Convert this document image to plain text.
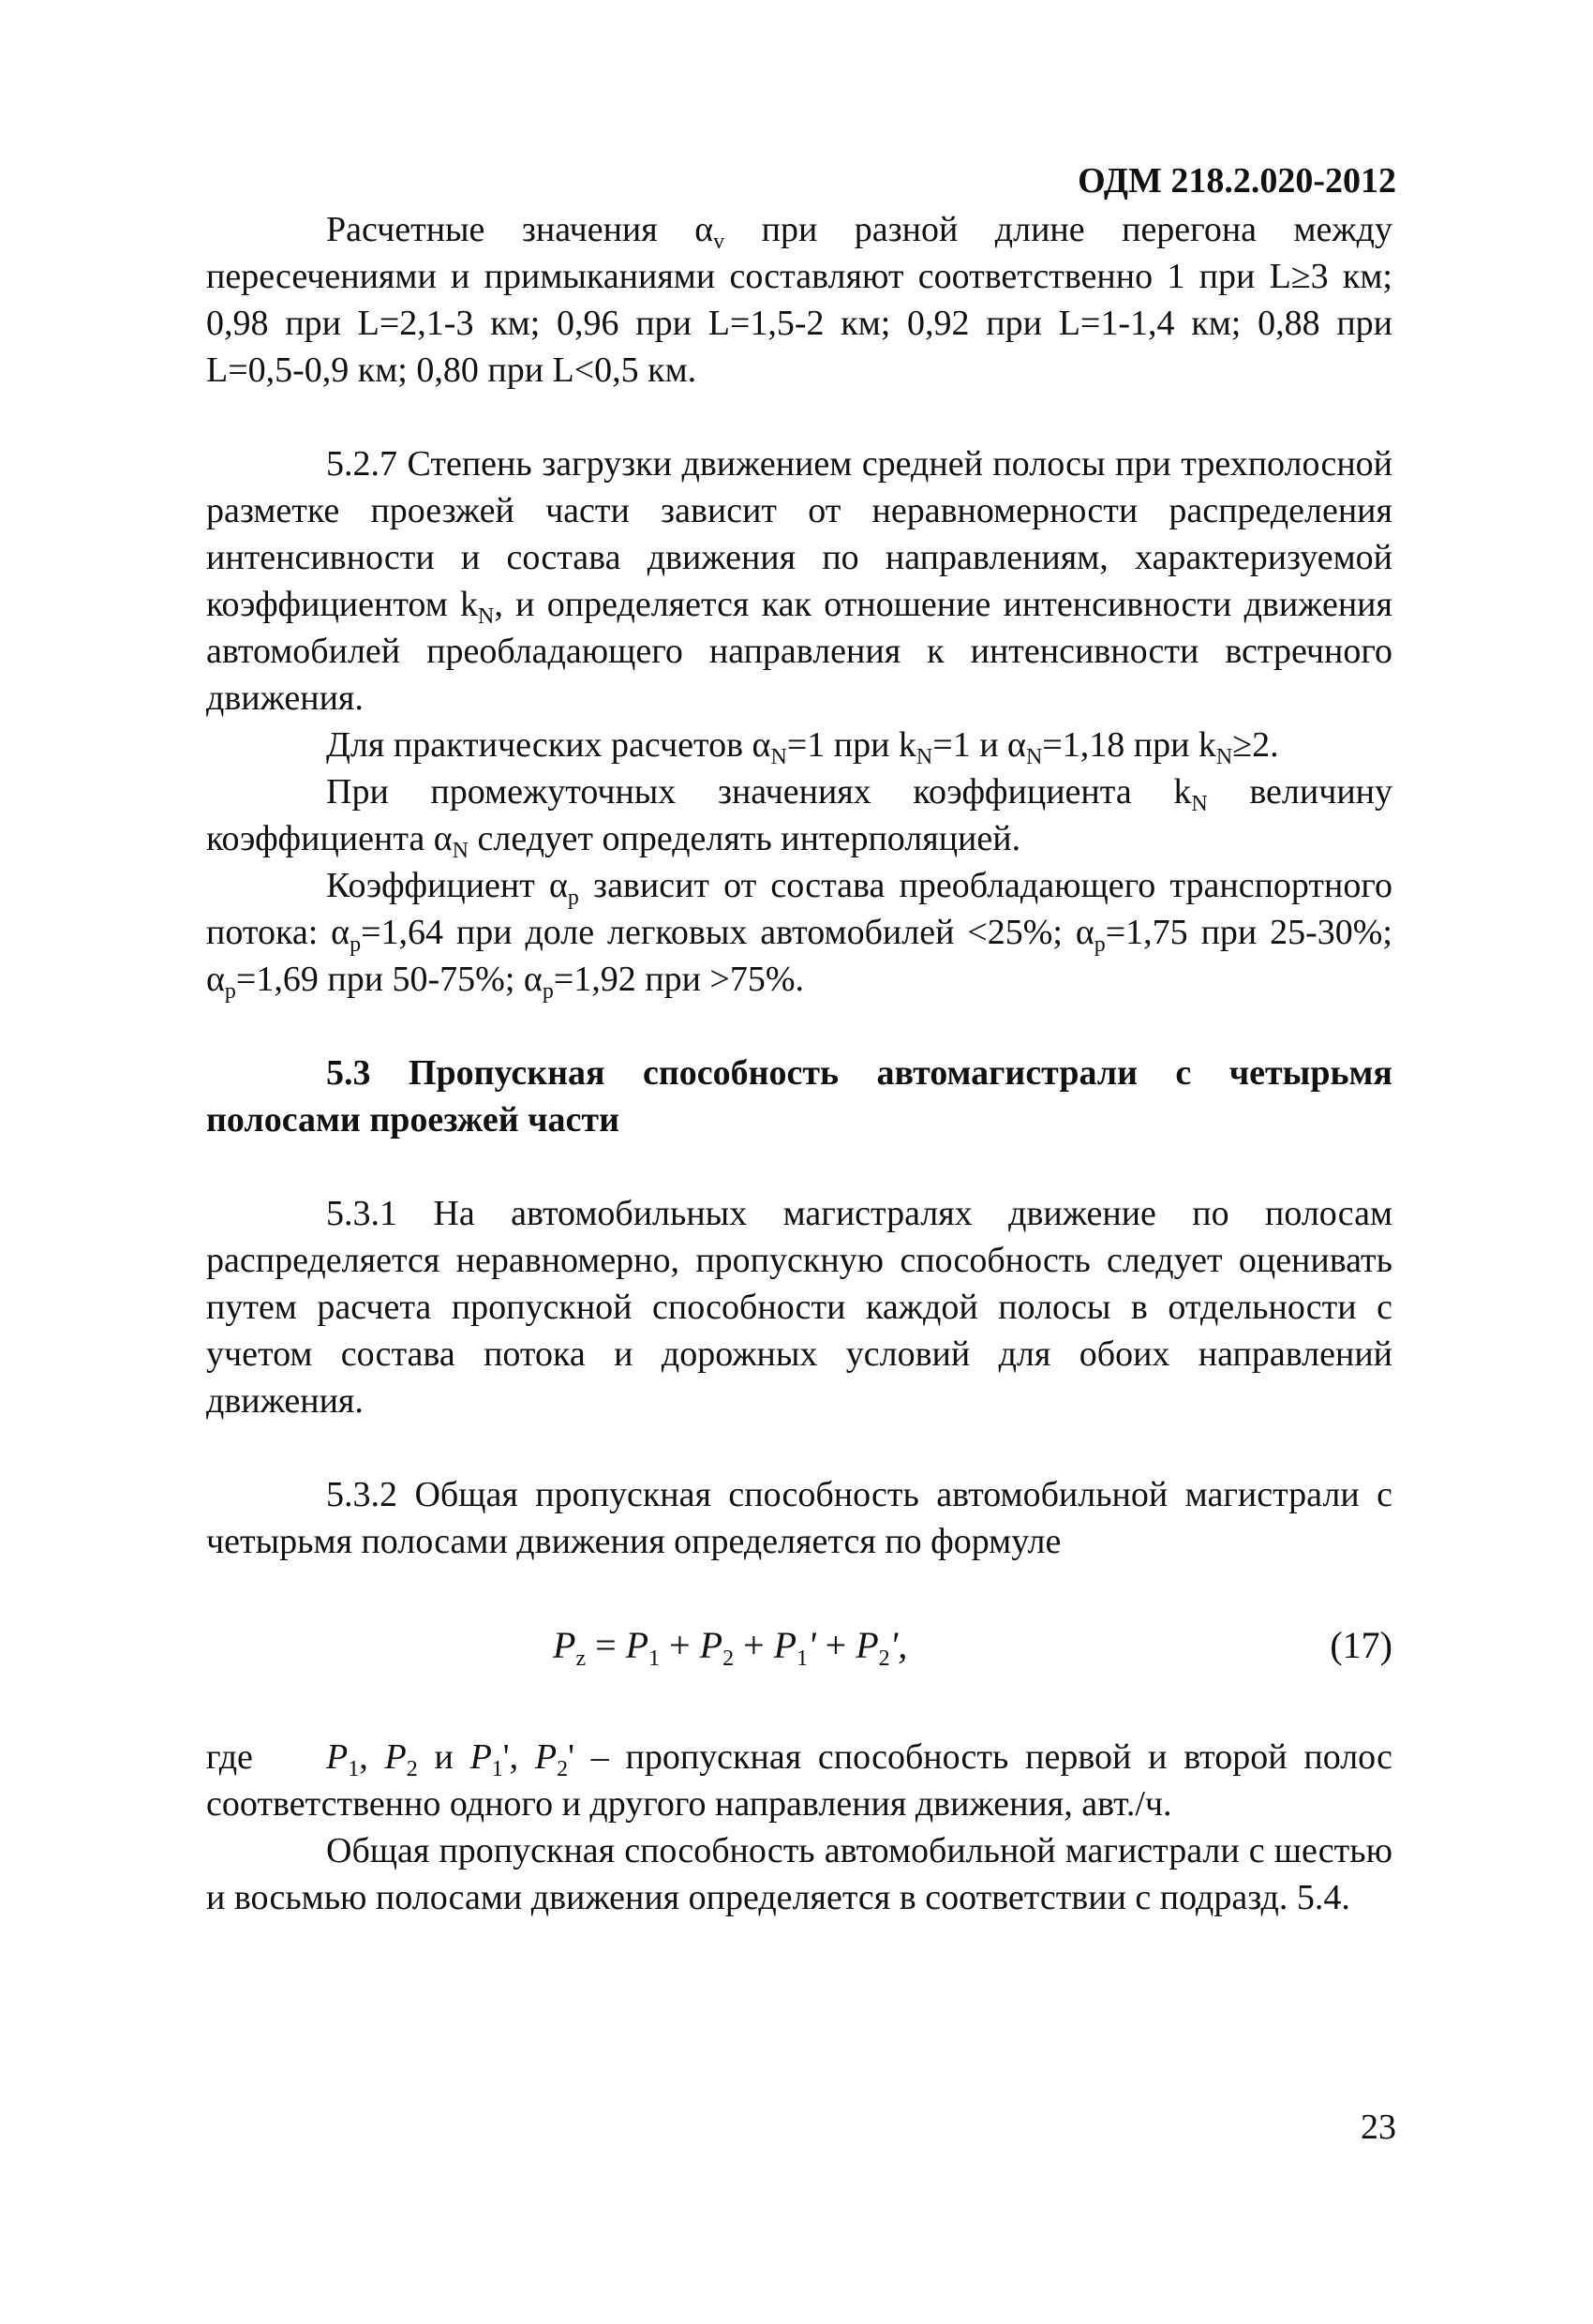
ОДМ 218.2.020-2012

Расчетные значения $\alpha_v$ при разной длине перегона между пересечениями и примыканиями составляют соответственно 1 при L≥3 км; 0,98 при L=2,1-3 км; 0,96 при L=1,5-2 км; 0,92 при L=1-1,4 км; 0,88 при L=0,5-0,9 км; 0,80 при L<0,5 км.

5.2.7 Степень загрузки движением средней полосы при трехполосной разметке проезжей части зависит от неравномерности распределения интенсивности и состава движения по направлениям, характеризуемой коэффициентом $k_N$, и определяется как отношение интенсивности движения автомобилей преобладающего направления к интенсивности встречного движения.

Для практических расчетов $\alpha_N=1$ при $k_N=1$ и $\alpha_N=1,18$ при $k_N\ge 2$.

При промежуточных значениях коэффициента $k_N$ величину коэффициента $\alpha_N$ следует определять интерполяцией.

Коэффициент $\alpha_p$ зависит от состава преобладающего транспортного потока: $\alpha_p=1,64$ при доле легковых автомобилей <25%; $\alpha_p=1,75$ при 25-30%; $\alpha_p=1,69$ при 50-75%; $\alpha_p=1,92$ при >75%.

5.3 Пропускная способность автомагистрали с четырьмя полосами проезжей части

5.3.1 На автомобильных магистралях движение по полосам распределяется неравномерно, пропускную способность следует оценивать путем расчета пропускной способности каждой полосы в отдельности с учетом состава потока и дорожных условий для обоих направлений движения.

5.3.2 Общая пропускная способность автомобильной магистрали с четырьмя полосами движения определяется по формуле

$P_z = P_1 + P_2 + P_1' + P_2'$,	(17)

где $P_1$, $P_2$ и $P_1'$, $P_2'$ – пропускная способность первой и второй полос соответственно одного и другого направления движения, авт./ч.

Общая пропускная способность автомобильной магистрали с шестью и восьмью полосами движения определяется в соответствии с подразд. 5.4.

23
